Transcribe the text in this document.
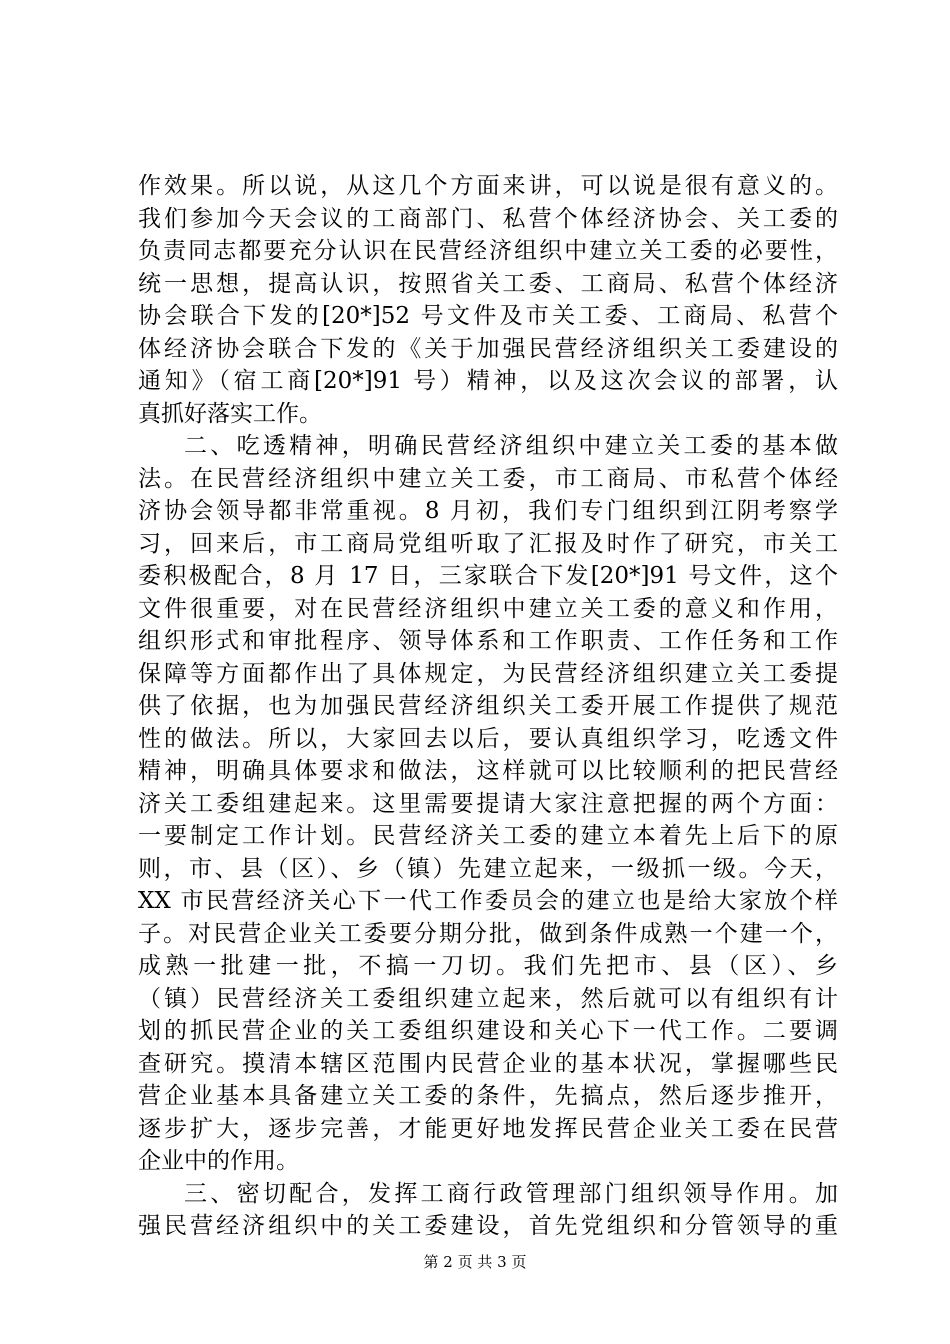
作效果。所以说，从这几个方面来讲，可以说是很有意义的。
我们参加今天会议的工商部门、私营个体经济协会、关工委的
负责同志都要充分认识在民营经济组织中建立关工委的必要性，
统一思想，提高认识，按照省关工委、工商局、私营个体经济
协会联合下发的[20*]52 号文件及市关工委、工商局、私营个
体经济协会联合下发的《关于加强民营经济组织关工委建设的
通知》（宿工商[20*]91 号）精神，以及这次会议的部署，认
真抓好落实工作。
二、吃透精神，明确民营经济组织中建立关工委的基本做
法。在民营经济组织中建立关工委，市工商局、市私营个体经
济协会领导都非常重视。8 月初，我们专门组织到江阴考察学
习，回来后，市工商局党组听取了汇报及时作了研究，市关工
委积极配合，8 月 17 日，三家联合下发[20*]91 号文件，这个
文件很重要，对在民营经济组织中建立关工委的意义和作用，
组织形式和审批程序、领导体系和工作职责、工作任务和工作
保障等方面都作出了具体规定，为民营经济组织建立关工委提
供了依据，也为加强民营经济组织关工委开展工作提供了规范
性的做法。所以，大家回去以后，要认真组织学习，吃透文件
精神，明确具体要求和做法，这样就可以比较顺利的把民营经
济关工委组建起来。这里需要提请大家注意把握的两个方面：
一要制定工作计划。民营经济关工委的建立本着先上后下的原
则，市、县（区）、乡（镇）先建立起来，一级抓一级。今天，
XX 市民营经济关心下一代工作委员会的建立也是给大家放个样
子。对民营企业关工委要分期分批，做到条件成熟一个建一个，
成熟一批建一批，不搞一刀切。我们先把市、县（区）、乡
（镇）民营经济关工委组织建立起来，然后就可以有组织有计
划的抓民营企业的关工委组织建设和关心下一代工作。二要调
查研究。摸清本辖区范围内民营企业的基本状况，掌握哪些民
营企业基本具备建立关工委的条件，先搞点，然后逐步推开，
逐步扩大，逐步完善，才能更好地发挥民营企业关工委在民营
企业中的作用。
三、密切配合，发挥工商行政管理部门组织领导作用。加
强民营经济组织中的关工委建设，首先党组织和分管领导的重
第 2 页 共 3 页
